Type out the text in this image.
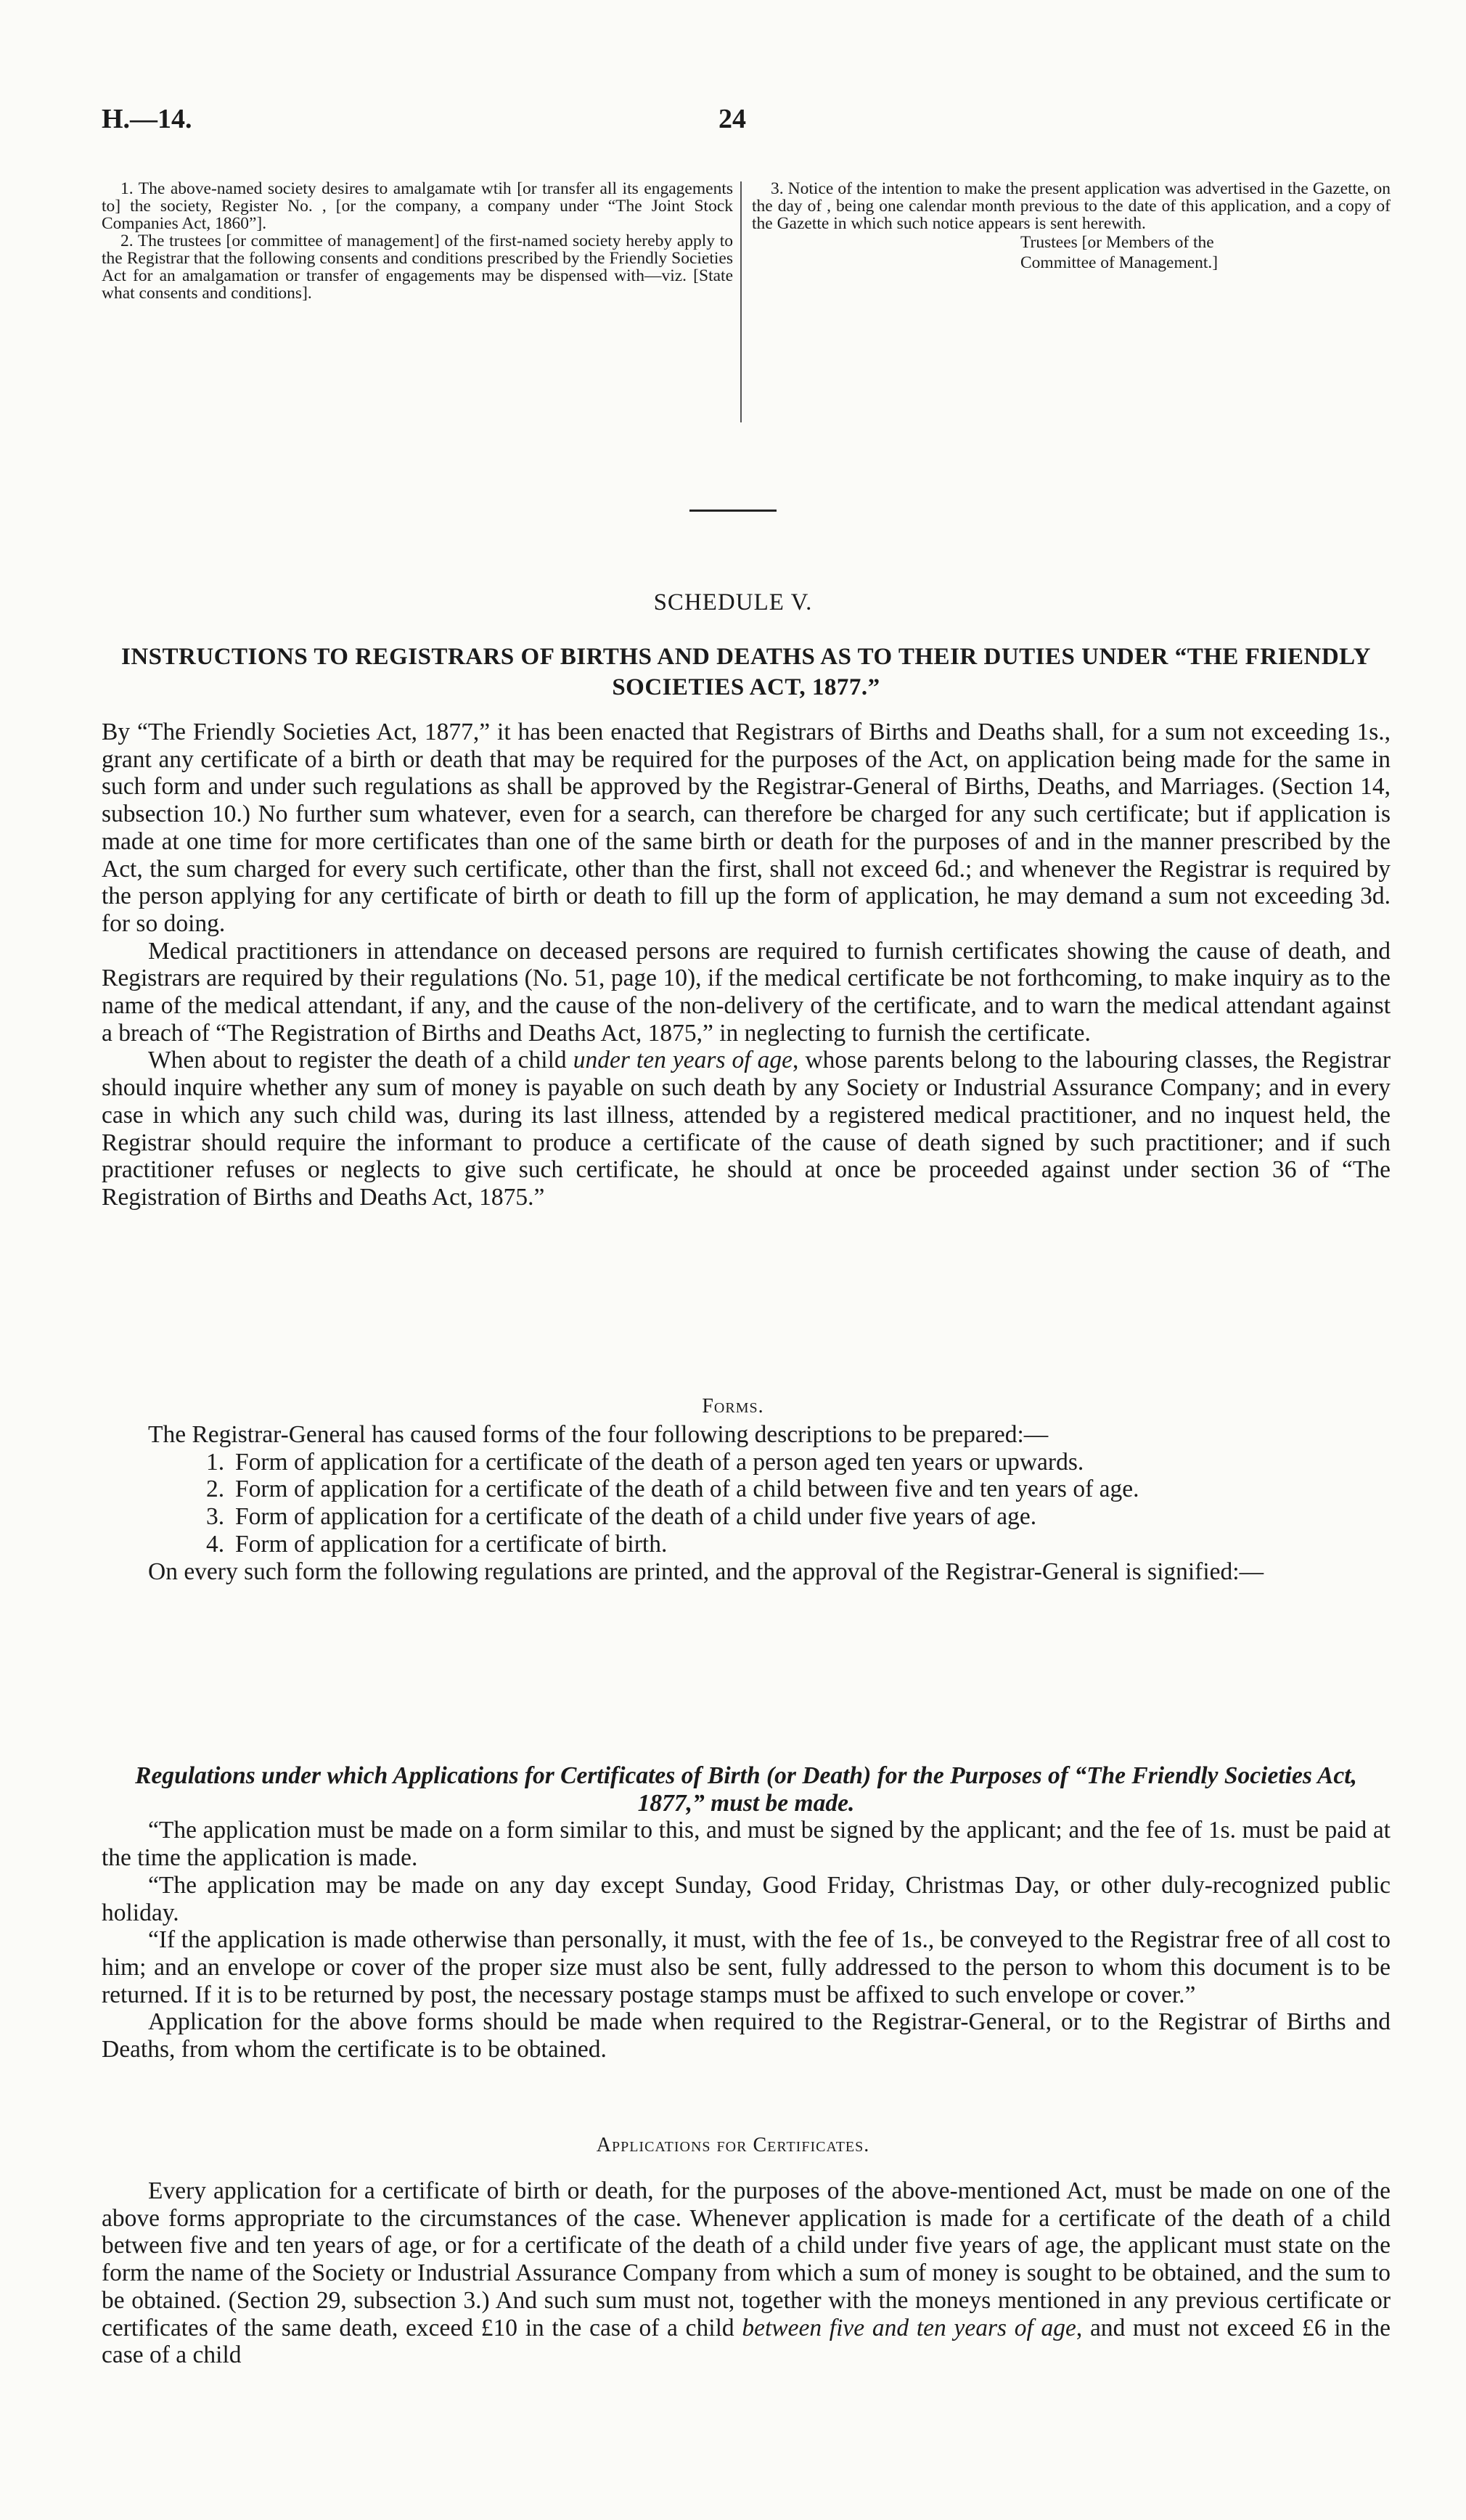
H.—14.	24

1. The above-named society desires to amalgamate wtih [or transfer all its engagements to] the society, Register No. , [or the company, a company under “The Joint Stock Companies Act, 1860”].

2. The trustees [or committee of management] of the first-named society hereby apply to the Registrar that the following consents and conditions prescribed by the Friendly Societies Act for an amalgamation or transfer of engagements may be dispensed with—viz. [State what consents and conditions].

3. Notice of the intention to make the present application was advertised in the Gazette, on the day of , being one calendar month previous to the date of this application, and a copy of the Gazette in which such notice appears is sent herewith.

Trustees [or Members of the
Committee of Management.]
SCHEDULE V.
INSTRUCTIONS TO REGISTRARS OF BIRTHS AND DEATHS AS TO THEIR DUTIES UNDER “THE FRIENDLY SOCIETIES ACT, 1877.”

By “The Friendly Societies Act, 1877,” it has been enacted that Registrars of Births and Deaths shall, for a sum not exceeding 1s., grant any certificate of a birth or death that may be required for the purposes of the Act, on application being made for the same in such form and under such regulations as shall be approved by the Registrar-General of Births, Deaths, and Marriages. (Section 14, subsection 10.) No further sum whatever, even for a search, can therefore be charged for any such certificate; but if application is made at one time for more certificates than one of the same birth or death for the purposes of and in the manner prescribed by the Act, the sum charged for every such certificate, other than the first, shall not exceed 6d.; and whenever the Registrar is required by the person applying for any certificate of birth or death to fill up the form of application, he may demand a sum not exceeding 3d. for so doing.

Medical practitioners in attendance on deceased persons are required to furnish certificates showing the cause of death, and Registrars are required by their regulations (No. 51, page 10), if the medical certificate be not forthcoming, to make inquiry as to the name of the medical attendant, if any, and the cause of the non-delivery of the certificate, and to warn the medical attendant against a breach of “The Registration of Births and Deaths Act, 1875,” in neglecting to furnish the certificate.

When about to register the death of a child under ten years of age, whose parents belong to the labouring classes, the Registrar should inquire whether any sum of money is payable on such death by any Society or Industrial Assurance Company; and in every case in which any such child was, during its last illness, attended by a registered medical practitioner, and no inquest held, the Registrar should require the informant to produce a certificate of the cause of death signed by such practitioner; and if such practitioner refuses or neglects to give such certificate, he should at once be proceeded against under section 36 of “The Registration of Births and Deaths Act, 1875.”

Forms.

The Registrar-General has caused forms of the four following descriptions to be prepared:—

1. Form of application for a certificate of the death of a person aged ten years or upwards.
2. Form of application for a certificate of the death of a child between five and ten years of age.
3. Form of application for a certificate of the death of a child under five years of age.
4. Form of application for a certificate of birth.

On every such form the following regulations are printed, and the approval of the Registrar-General is signified:—

Regulations under which Applications for Certificates of Birth (or Death) for the Purposes of “The Friendly Societies Act, 1877,” must be made.

“The application must be made on a form similar to this, and must be signed by the applicant; and the fee of 1s. must be paid at the time the application is made.

“The application may be made on any day except Sunday, Good Friday, Christmas Day, or other duly-recognized public holiday.

“If the application is made otherwise than personally, it must, with the fee of 1s., be conveyed to the Registrar free of all cost to him; and an envelope or cover of the proper size must also be sent, fully addressed to the person to whom this document is to be returned. If it is to be returned by post, the necessary postage stamps must be affixed to such envelope or cover.”

Application for the above forms should be made when required to the Registrar-General, or to the Registrar of Births and Deaths, from whom the certificate is to be obtained.

Applications for Certificates.

Every application for a certificate of birth or death, for the purposes of the above-mentioned Act, must be made on one of the above forms appropriate to the circumstances of the case. Whenever application is made for a certificate of the death of a child between five and ten years of age, or for a certificate of the death of a child under five years of age, the applicant must state on the form the name of the Society or Industrial Assurance Company from which a sum of money is sought to be obtained, and the sum to be obtained. (Section 29, subsection 3.) And such sum must not, together with the moneys mentioned in any previous certificate or certificates of the same death, exceed £10 in the case of a child between five and ten years of age, and must not exceed £6 in the case of a child
